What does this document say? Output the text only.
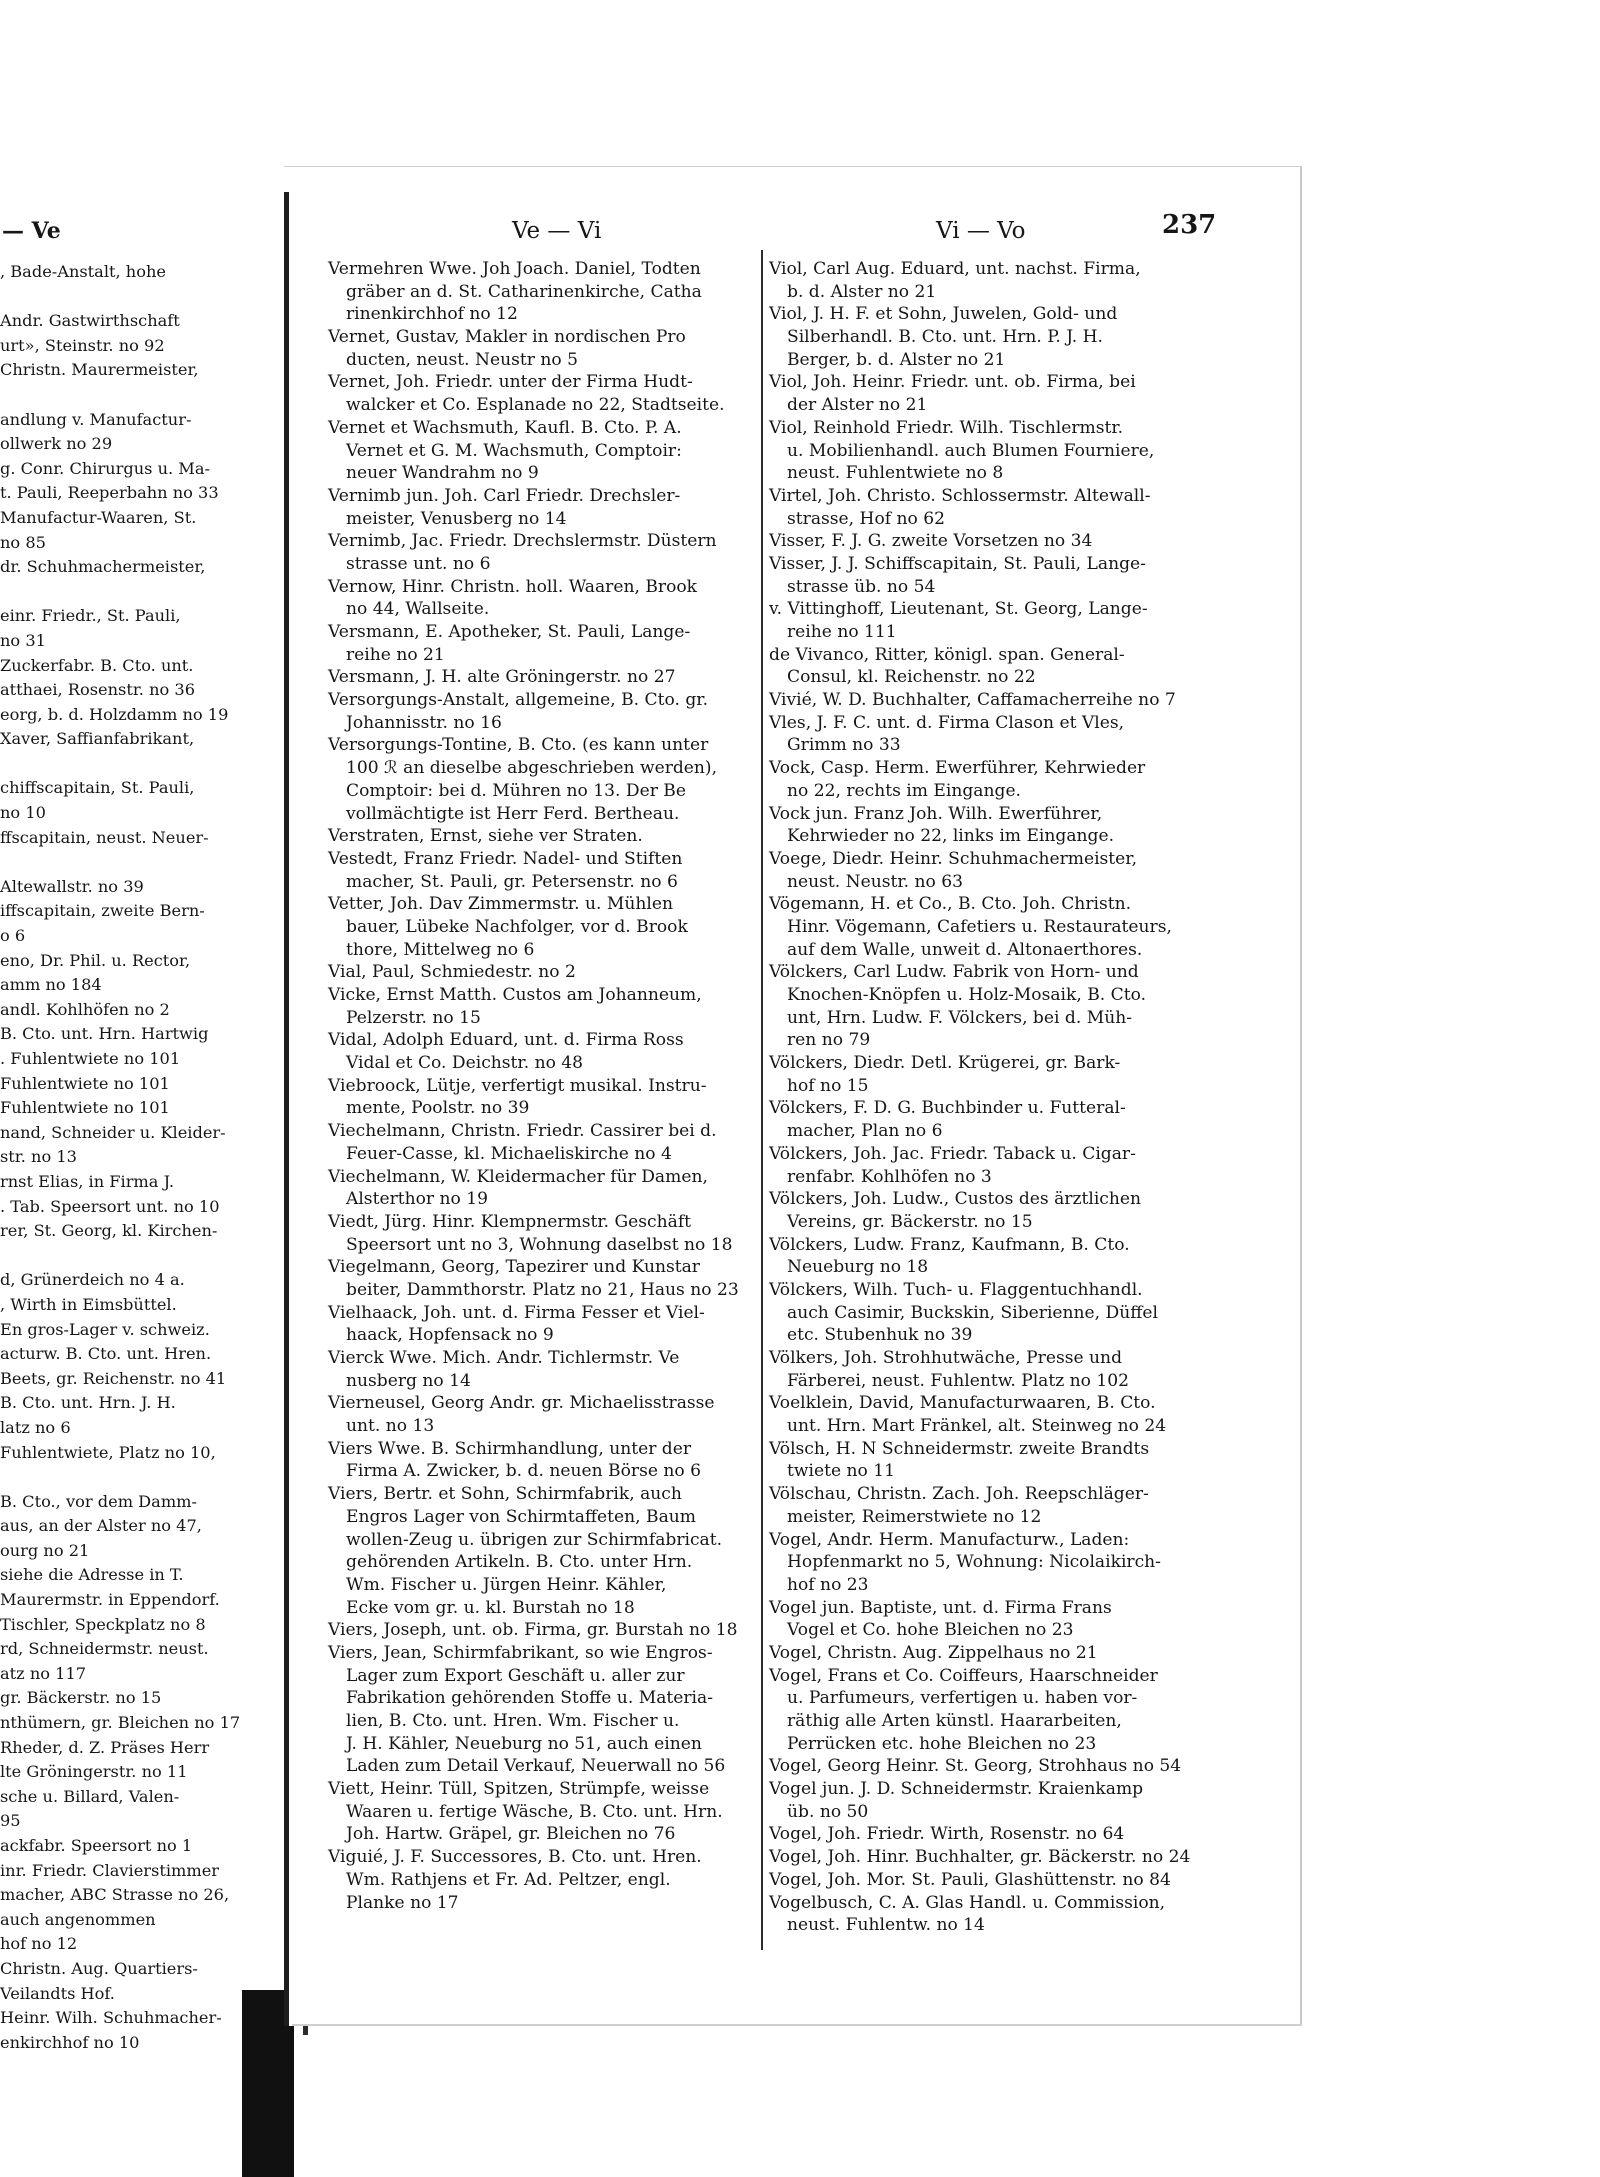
— Ve
, Bade-Anstalt, hohe
Andr. Gastwirthschaft
urt», Steinstr. no 92
Christn. Maurermeister,
andlung v. Manufactur-
ollwerk no 29
g. Conr. Chirurgus u. Ma-
t. Pauli, Reeperbahn no 33
Manufactur-Waaren, St.
no 85
dr. Schuhmachermeister,
einr. Friedr., St. Pauli,
no 31
Zuckerfabr. B. Cto. unt.
atthaei, Rosenstr. no 36
eorg, b. d. Holzdamm no 19
Xaver, Saffianfabrikant,
chiffscapitain, St. Pauli,
no 10
ffscapitain, neust. Neuer-
Altewallstr. no 39
iffscapitain, zweite Bern-
o 6
eno, Dr. Phil. u. Rector,
amm no 184
andl. Kohlhöfen no 2
B. Cto. unt. Hrn. Hartwig
. Fuhlentwiete no 101
Fuhlentwiete no 101
Fuhlentwiete no 101
nand, Schneider u. Kleider-
str. no 13
rnst Elias, in Firma J.
. Tab. Speersort unt. no 10
rer, St. Georg, kl. Kirchen-
d, Grünerdeich no 4 a.
, Wirth in Eimsbüttel.
En gros-Lager v. schweiz.
acturw. B. Cto. unt. Hren.
Beets, gr. Reichenstr. no 41
B. Cto. unt. Hrn. J. H.
latz no 6
Fuhlentwiete, Platz no 10,
B. Cto., vor dem Damm-
aus, an der Alster no 47,
ourg no 21
siehe die Adresse in T.
Maurermstr. in Eppendorf.
Tischler, Speckplatz no 8
rd, Schneidermstr. neust.
atz no 117
gr. Bäckerstr. no 15
nthümern, gr. Bleichen no 17
Rheder, d. Z. Präses Herr
lte Gröningerstr. no 11
sche u. Billard, Valen-
95
ackfabr. Speersort no 1
inr. Friedr. Clavierstimmer
macher, ABC Strasse no 26,
auch angenommen
hof no 12
Christn. Aug. Quartiers-
Veilandts Hof.
Heinr. Wilh. Schuhmacher-
enkirchhof no 10
Ve — Vi	Vi — Vo	237
Vermehren Wwe. Joh Joach. Daniel, Todten
gräber an d. St. Catharinenkirche, Catha
rinenkirchhof no 12
Vernet, Gustav, Makler in nordischen Pro
ducten, neust. Neustr no 5
Vernet, Joh. Friedr. unter der Firma Hudt-
walcker et Co. Esplanade no 22, Stadtseite.
Vernet et Wachsmuth, Kaufl. B. Cto. P. A.
Vernet et G. M. Wachsmuth, Comptoir:
neuer Wandrahm no 9
Vernimb jun. Joh. Carl Friedr. Drechsler-
meister, Venusberg no 14
Vernimb, Jac. Friedr. Drechslermstr. Düstern
strasse unt. no 6
Vernow, Hinr. Christn. holl. Waaren, Brook
no 44, Wallseite.
Versmann, E. Apotheker, St. Pauli, Lange-
reihe no 21
Versmann, J. H. alte Gröningerstr. no 27
Versorgungs-Anstalt, allgemeine, B. Cto. gr.
Johannisstr. no 16
Versorgungs-Tontine, B. Cto. (es kann unter
100 ℛ an dieselbe abgeschrieben werden),
Comptoir: bei d. Mühren no 13. Der Be
vollmächtigte ist Herr Ferd. Bertheau.
Verstraten, Ernst, siehe ver Straten.
Vestedt, Franz Friedr. Nadel- und Stiften
macher, St. Pauli, gr. Petersenstr. no 6
Vetter, Joh. Dav Zimmermstr. u. Mühlen
bauer, Lübeke Nachfolger, vor d. Brook
thore, Mittelweg no 6
Vial, Paul, Schmiedestr. no 2
Vicke, Ernst Matth. Custos am Johanneum,
Pelzerstr. no 15
Vidal, Adolph Eduard, unt. d. Firma Ross
Vidal et Co. Deichstr. no 48
Viebroock, Lütje, verfertigt musikal. Instru-
mente, Poolstr. no 39
Viechelmann, Christn. Friedr. Cassirer bei d.
Feuer-Casse, kl. Michaeliskirche no 4
Viechelmann, W. Kleidermacher für Damen,
Alsterthor no 19
Viedt, Jürg. Hinr. Klempnermstr. Geschäft
Speersort unt no 3, Wohnung daselbst no 18
Viegelmann, Georg, Tapezirer und Kunstar
beiter, Dammthorstr. Platz no 21, Haus no 23
Vielhaack, Joh. unt. d. Firma Fesser et Viel-
haack, Hopfensack no 9
Vierck Wwe. Mich. Andr. Tichlermstr. Ve
nusberg no 14
Vierneusel, Georg Andr. gr. Michaelisstrasse
unt. no 13
Viers Wwe. B. Schirmhandlung, unter der
Firma A. Zwicker, b. d. neuen Börse no 6
Viers, Bertr. et Sohn, Schirmfabrik, auch
Engros Lager von Schirmtaffeten, Baum
wollen-Zeug u. übrigen zur Schirmfabricat.
gehörenden Artikeln. B. Cto. unter Hrn.
Wm. Fischer u. Jürgen Heinr. Kähler,
Ecke vom gr. u. kl. Burstah no 18
Viers, Joseph, unt. ob. Firma, gr. Burstah no 18
Viers, Jean, Schirmfabrikant, so wie Engros-
Lager zum Export Geschäft u. aller zur
Fabrikation gehörenden Stoffe u. Materia-
lien, B. Cto. unt. Hren. Wm. Fischer u.
J. H. Kähler, Neueburg no 51, auch einen
Laden zum Detail Verkauf, Neuerwall no 56
Viett, Heinr. Tüll, Spitzen, Strümpfe, weisse
Waaren u. fertige Wäsche, B. Cto. unt. Hrn.
Joh. Hartw. Gräpel, gr. Bleichen no 76
Viguié, J. F. Successores, B. Cto. unt. Hren.
Wm. Rathjens et Fr. Ad. Peltzer, engl.
Planke no 17
Viol, Carl Aug. Eduard, unt. nachst. Firma,
b. d. Alster no 21
Viol, J. H. F. et Sohn, Juwelen, Gold- und
Silberhandl. B. Cto. unt. Hrn. P. J. H.
Berger, b. d. Alster no 21
Viol, Joh. Heinr. Friedr. unt. ob. Firma, bei
der Alster no 21
Viol, Reinhold Friedr. Wilh. Tischlermstr.
u. Mobilienhandl. auch Blumen Fourniere,
neust. Fuhlentwiete no 8
Virtel, Joh. Christo. Schlossermstr. Altewall-
strasse, Hof no 62
Visser, F. J. G. zweite Vorsetzen no 34
Visser, J. J. Schiffscapitain, St. Pauli, Lange-
strasse üb. no 54
v. Vittinghoff, Lieutenant, St. Georg, Lange-
reihe no 111
de Vivanco, Ritter, königl. span. General-
Consul, kl. Reichenstr. no 22
Vivié, W. D. Buchhalter, Caffamacherreihe no 7
Vles, J. F. C. unt. d. Firma Clason et Vles,
Grimm no 33
Vock, Casp. Herm. Ewerführer, Kehrwieder
no 22, rechts im Eingange.
Vock jun. Franz Joh. Wilh. Ewerführer,
Kehrwieder no 22, links im Eingange.
Voege, Diedr. Heinr. Schuhmachermeister,
neust. Neustr. no 63
Vögemann, H. et Co., B. Cto. Joh. Christn.
Hinr. Vögemann, Cafetiers u. Restaurateurs,
auf dem Walle, unweit d. Altonaerthores.
Völckers, Carl Ludw. Fabrik von Horn- und
Knochen-Knöpfen u. Holz-Mosaik, B. Cto.
unt, Hrn. Ludw. F. Völckers, bei d. Müh-
ren no 79
Völckers, Diedr. Detl. Krügerei, gr. Bark-
hof no 15
Völckers, F. D. G. Buchbinder u. Futteral-
macher, Plan no 6
Völckers, Joh. Jac. Friedr. Taback u. Cigar-
renfabr. Kohlhöfen no 3
Völckers, Joh. Ludw., Custos des ärztlichen
Vereins, gr. Bäckerstr. no 15
Völckers, Ludw. Franz, Kaufmann, B. Cto.
Neueburg no 18
Völckers, Wilh. Tuch- u. Flaggentuchhandl.
auch Casimir, Buckskin, Siberienne, Düffel
etc. Stubenhuk no 39
Völkers, Joh. Strohhutwäche, Presse und
Färberei, neust. Fuhlentw. Platz no 102
Voelklein, David, Manufacturwaaren, B. Cto.
unt. Hrn. Mart Fränkel, alt. Steinweg no 24
Völsch, H. N Schneidermstr. zweite Brandts
twiete no 11
Völschau, Christn. Zach. Joh. Reepschläger-
meister, Reimerstwiete no 12
Vogel, Andr. Herm. Manufacturw., Laden:
Hopfenmarkt no 5, Wohnung: Nicolaikirch-
hof no 23
Vogel jun. Baptiste, unt. d. Firma Frans
Vogel et Co. hohe Bleichen no 23
Vogel, Christn. Aug. Zippelhaus no 21
Vogel, Frans et Co. Coiffeurs, Haarschneider
u. Parfumeurs, verfertigen u. haben vor-
räthig alle Arten künstl. Haararbeiten,
Perrücken etc. hohe Bleichen no 23
Vogel, Georg Heinr. St. Georg, Strohhaus no 54
Vogel jun. J. D. Schneidermstr. Kraienkamp
üb. no 50
Vogel, Joh. Friedr. Wirth, Rosenstr. no 64
Vogel, Joh. Hinr. Buchhalter, gr. Bäckerstr. no 24
Vogel, Joh. Mor. St. Pauli, Glashüttenstr. no 84
Vogelbusch, C. A. Glas Handl. u. Commission,
neust. Fuhlentw. no 14
